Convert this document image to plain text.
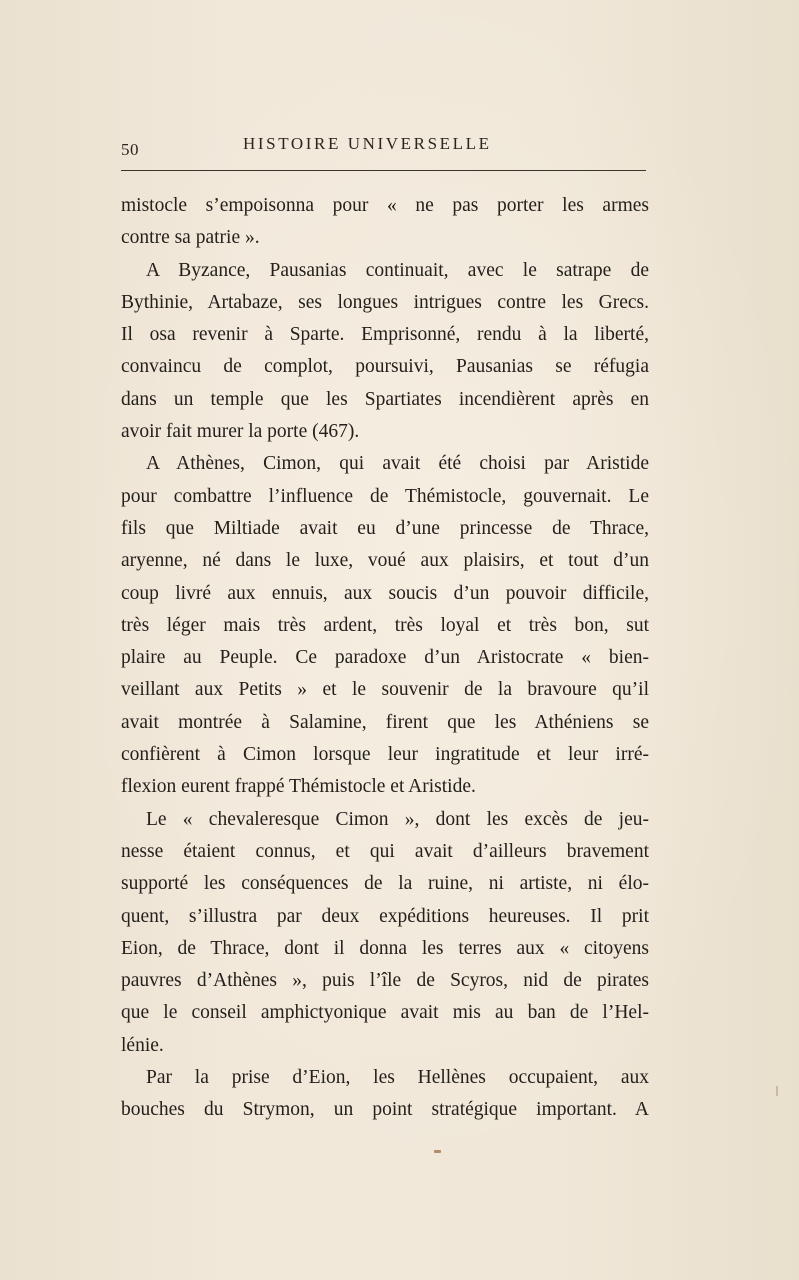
50	HISTOIRE UNIVERSELLE
mistocle s’empoisonna pour « ne pas porter les armes
contre sa patrie ».
A Byzance, Pausanias continuait, avec le satrape de
Bythinie, Artabaze, ses longues intrigues contre les Grecs.
Il osa revenir à Sparte. Emprisonné, rendu à la liberté,
convaincu de complot, poursuivi, Pausanias se réfugia
dans un temple que les Spartiates incendièrent après en
avoir fait murer la porte (467).
A Athènes, Cimon, qui avait été choisi par Aristide
pour combattre l’influence de Thémistocle, gouvernait. Le
fils que Miltiade avait eu d’une princesse de Thrace,
aryenne, né dans le luxe, voué aux plaisirs, et tout d’un
coup livré aux ennuis, aux soucis d’un pouvoir difficile,
très léger mais très ardent, très loyal et très bon, sut
plaire au Peuple. Ce paradoxe d’un Aristocrate « bien-
veillant aux Petits » et le souvenir de la bravoure qu’il
avait montrée à Salamine, firent que les Athéniens se
confièrent à Cimon lorsque leur ingratitude et leur irré-
flexion eurent frappé Thémistocle et Aristide.
Le « chevaleresque Cimon », dont les excès de jeu-
nesse étaient connus, et qui avait d’ailleurs bravement
supporté les conséquences de la ruine, ni artiste, ni élo-
quent, s’illustra par deux expéditions heureuses. Il prit
Eion, de Thrace, dont il donna les terres aux « citoyens
pauvres d’Athènes », puis l’île de Scyros, nid de pirates
que le conseil amphictyonique avait mis au ban de l’Hel-
lénie.
Par la prise d’Eion, les Hellènes occupaient, aux
bouches du Strymon, un point stratégique important. A
